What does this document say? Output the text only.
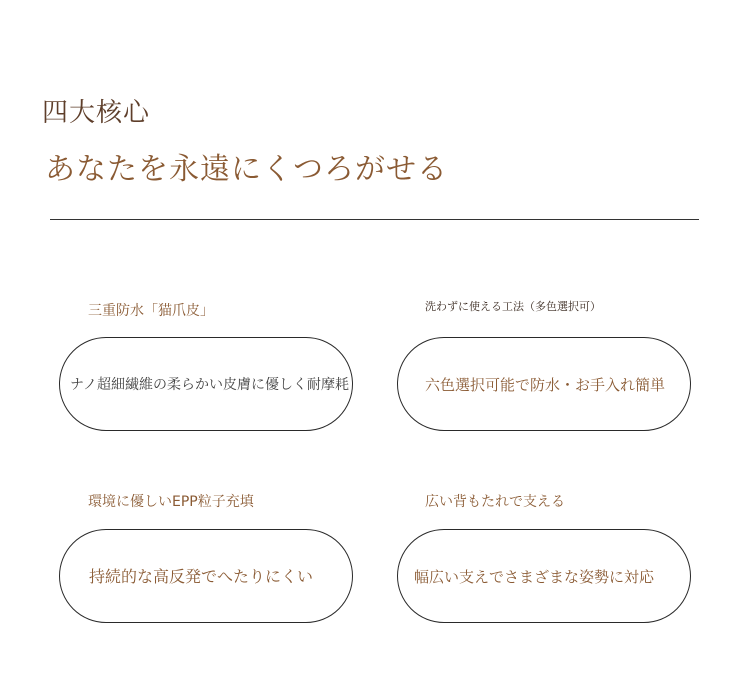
四大核心
あなたを永遠にくつろがせる
三重防水「猫爪皮」
ナノ超細繊維の柔らかい皮膚に優しく耐摩耗
洗わずに使える工法（多色選択可）
六色選択可能で防水・お手入れ簡単
環境に優しいEPP粒子充填
持続的な高反発でへたりにくい
広い背もたれで支える
幅広い支えでさまざまな姿勢に対応
